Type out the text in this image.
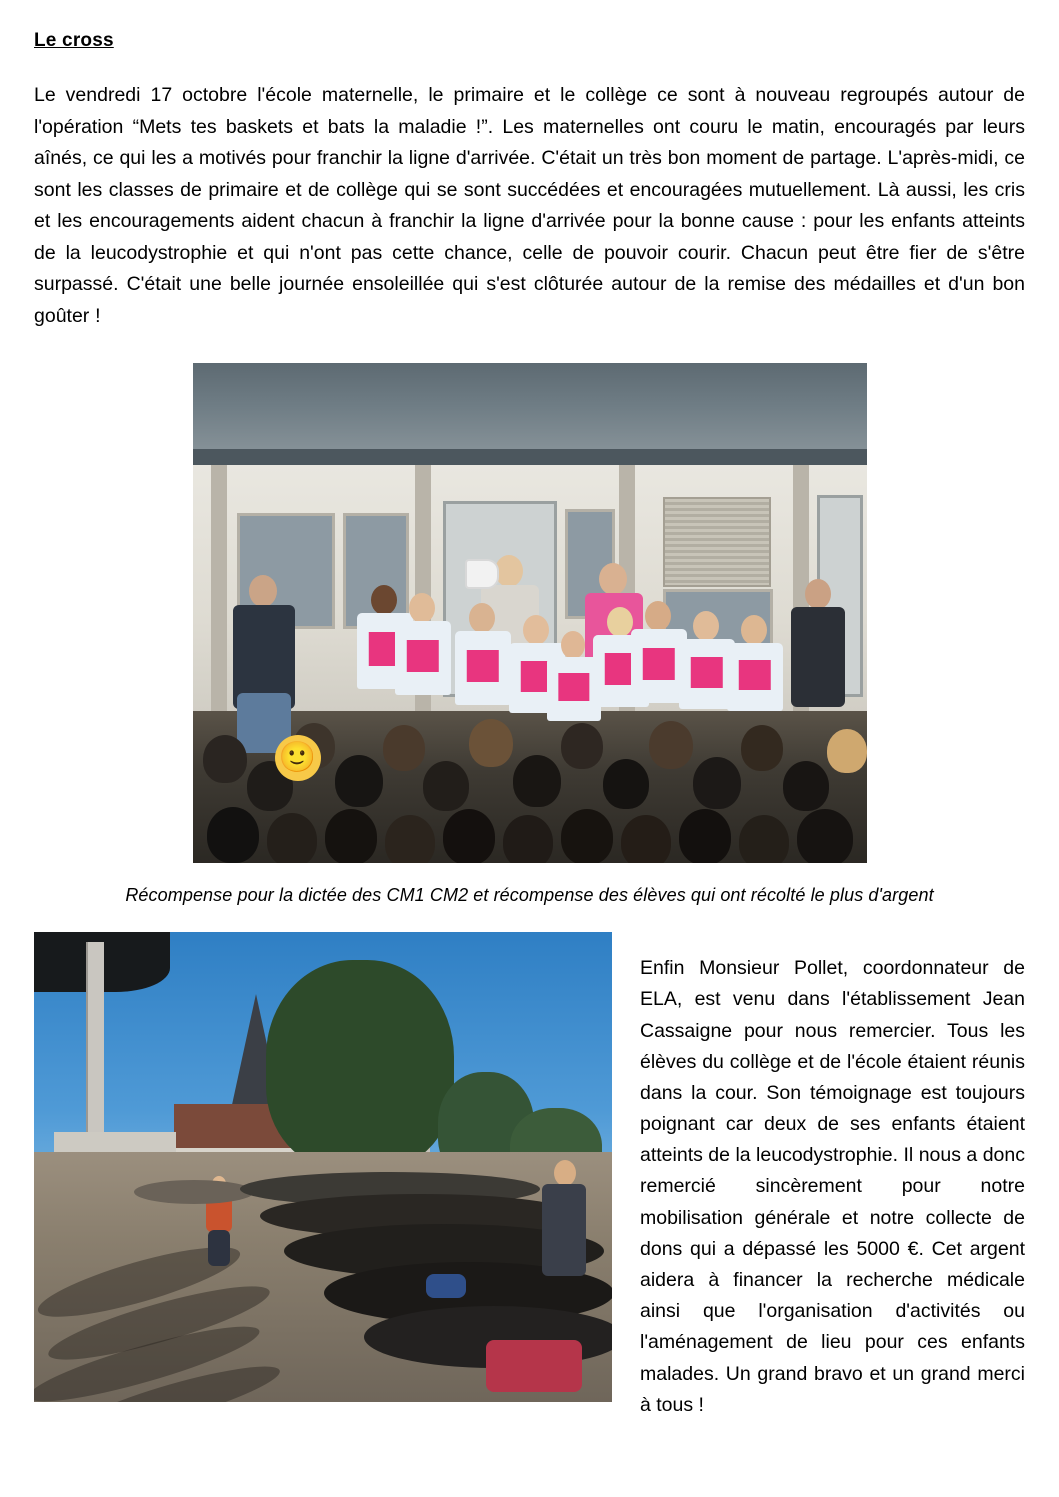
Le cross

Le vendredi 17 octobre l'école maternelle, le primaire et le collège ce sont à nouveau regroupés autour de l'opération “Mets tes baskets et bats la maladie !”. Les maternelles ont couru le matin, encouragés par leurs aînés, ce qui les a motivés pour franchir la ligne d'arrivée. C'était un très bon moment de partage. L'après-midi, ce sont les classes de primaire et de collège qui se sont succédées et encouragées mutuellement. Là aussi, les cris et les encouragements aident chacun à franchir la ligne d'arrivée pour la bonne cause : pour les enfants atteints de la leucodystrophie et qui n'ont pas cette chance, celle de pouvoir courir. Chacun peut être fier de s'être surpassé. C'était une belle journée ensoleillée qui s'est clôturée autour de la remise des médailles et d'un bon goûter !

🙂
Récompense pour la dictée des CM1 CM2 et récompense des élèves qui ont récolté le plus d'argent

Enfin Monsieur Pollet, coordonnateur de ELA, est venu dans l'établissement Jean Cassaigne pour nous remercier. Tous les élèves du collège et de l'école étaient réunis dans la cour. Son témoignage est toujours poignant car deux de ses enfants étaient atteints de la leucodystrophie. Il nous a donc remercié sincèrement pour notre mobilisation générale et notre collecte de dons qui a dépassé les 5000 €. Cet argent aidera à financer la recherche médicale ainsi que l'organisation d'activités ou l'aménagement de lieu pour ces enfants malades. Un grand bravo et un grand merci à tous !
